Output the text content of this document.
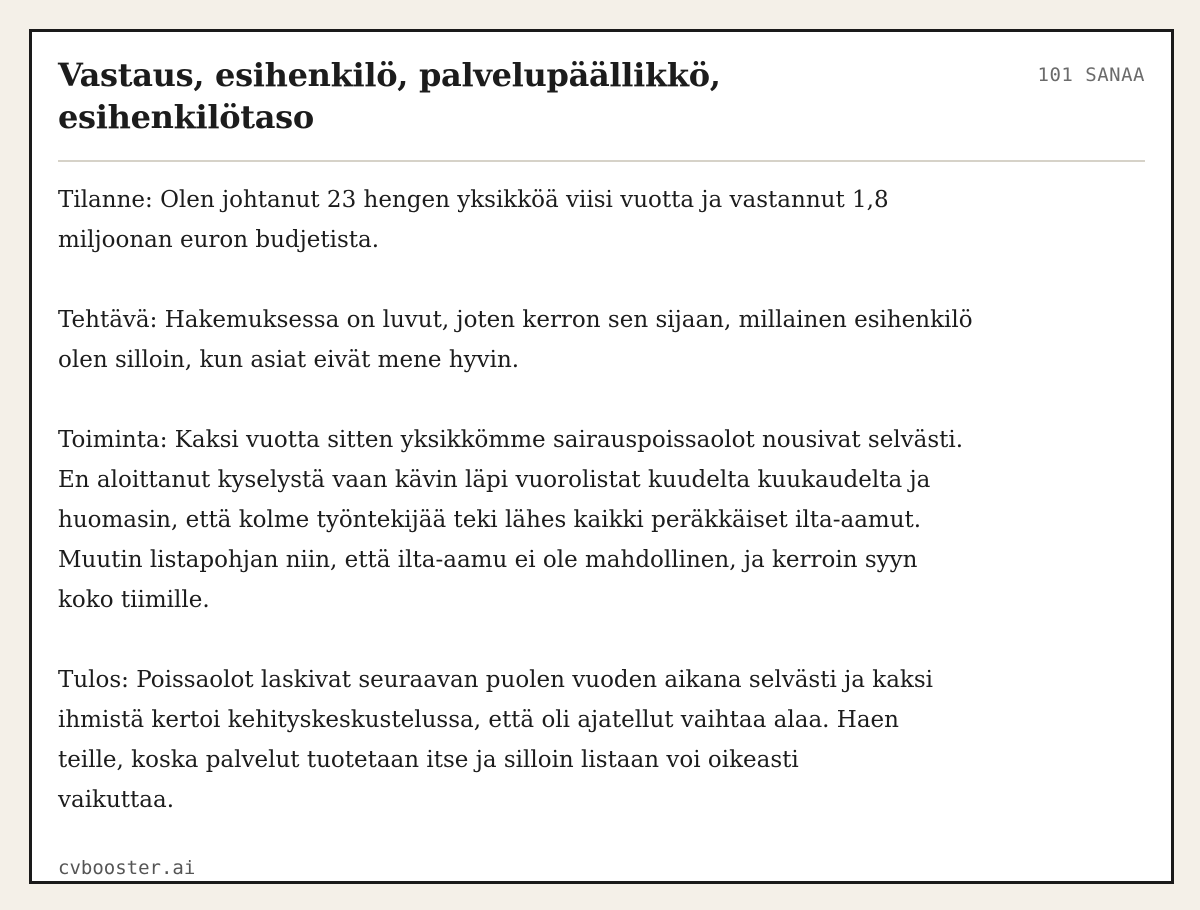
Vastaus, esihenkilö, palvelupäällikkö,
esihenkilötaso
101 SANAA

Tilanne: Olen johtanut 23 hengen yksikköä viisi vuotta ja vastannut 1,8
miljoonan euron budjetista.

Tehtävä: Hakemuksessa on luvut, joten kerron sen sijaan, millainen esihenkilö
olen silloin, kun asiat eivät mene hyvin.

Toiminta: Kaksi vuotta sitten yksikkömme sairauspoissaolot nousivat selvästi.
En aloittanut kyselystä vaan kävin läpi vuorolistat kuudelta kuukaudelta ja
huomasin, että kolme työntekijää teki lähes kaikki peräkkäiset ilta-aamut.
Muutin listapohjan niin, että ilta-aamu ei ole mahdollinen, ja kerroin syyn
koko tiimille.

Tulos: Poissaolot laskivat seuraavan puolen vuoden aikana selvästi ja kaksi
ihmistä kertoi kehityskeskustelussa, että oli ajatellut vaihtaa alaa. Haen
teille, koska palvelut tuotetaan itse ja silloin listaan voi oikeasti
vaikuttaa.

cvbooster.ai
